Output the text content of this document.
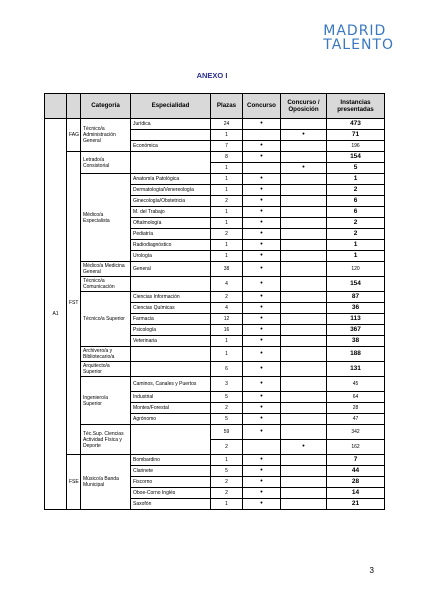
MADRID
TALENTO
ANEXO I
		Categoría	Especialidad	Plazas	Concurso	Concurso / Oposición	Instancias presentadas
A1	FAG	Técnico/a Administración General	Jurídica	24	•		473
				1		•	71
			Económica	7	•		196
	FST	Letrado/a Consistorial		8	•		154
				1		•	5
		Médico/a Especialista	Anatomía Patológica	1	•		1
			Dermatología/Venereología	1	•		2
			Ginecología/Obstetricia	2	•		6
			M. del Trabajo	1	•		6
			Oftalmología	1	•		2
			Pediatría	2	•		2
			Radiodiagnóstico	1	•		1
			Urología	1	•		1
		Médico/a Medicina General	General	38	•		120
		Técnico/a Comunicación		4	•		154
		Técnico/a Superior	Ciencias Información	2	•		87
			Ciencias Químicas	4	•		36
			Farmacia	12	•		113
			Psicología	16	•		367
			Veterinaria	1	•		38
		Archivero/a y Bibliotecario/a		1	•		188
		Arquitecto/a Superior		6	•		131
		Ingeniero/a Superior	Caminos, Canales y Puertos	3	•		45
			Industrial	5	•		64
			Montes/Forestal	2	•		28
			Agrónomo	5	•		47
		Téc.Sup. Ciencias Actividad Física y Deporte		59	•		342
				2		•	162
	FSE	Músico/a Banda Municipal	Bombardino	1	•		7
			Clarinete	5	•		44
			Fiscorno	2	•		28
			Oboe-Corno Inglés	2	•		14
			Saxofón	1	•		21
3
